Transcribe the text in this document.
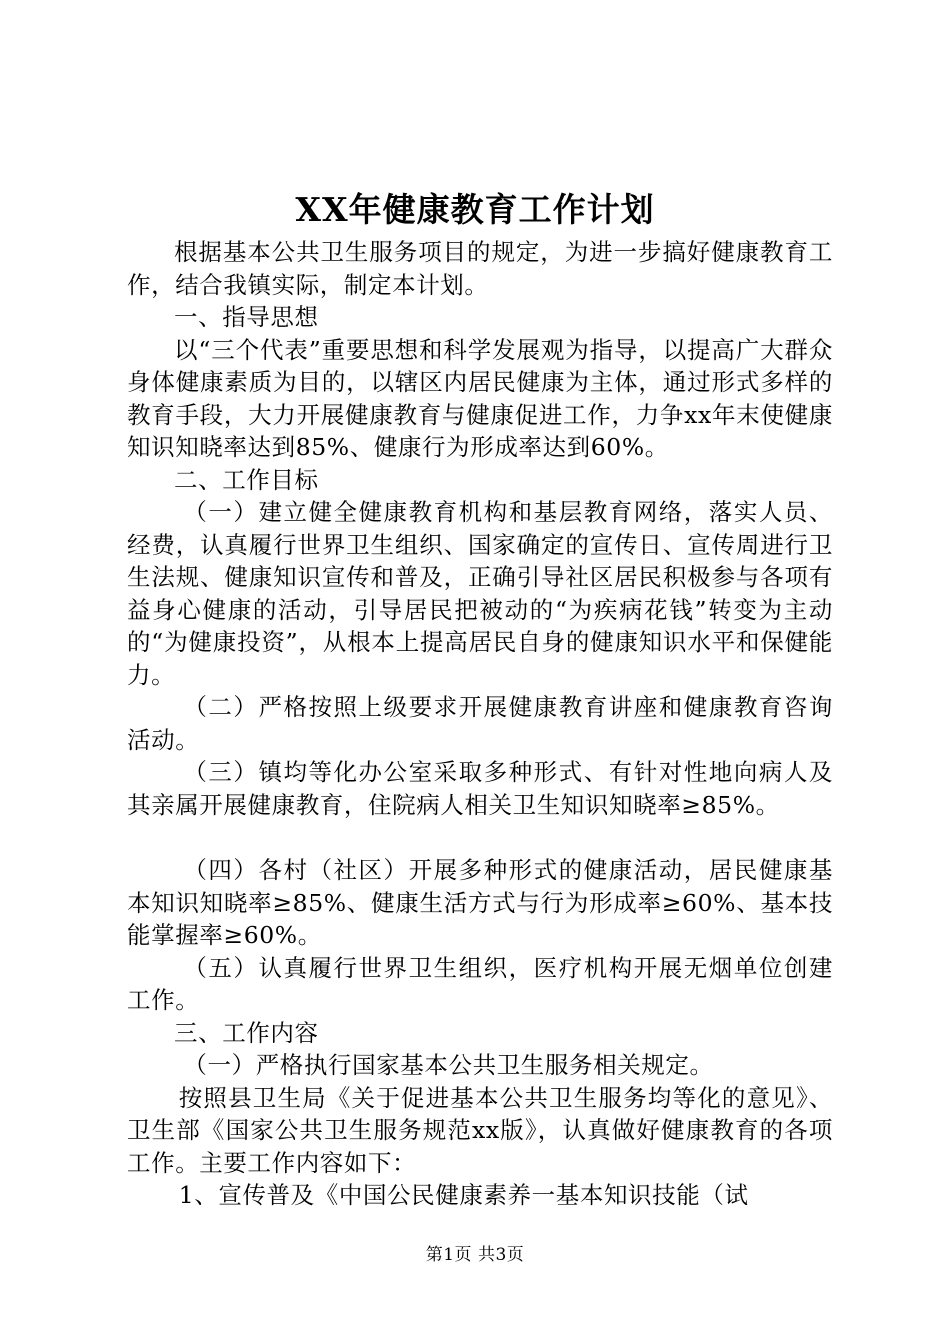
XX年健康教育工作计划

根据基本公共卫生服务项目的规定，为进一步搞好健康教育工作，结合我镇实际，制定本计划。

一、指导思想

以“三个代表”重要思想和科学发展观为指导，以提高广大群众身体健康素质为目的，以辖区内居民健康为主体，通过形式多样的教育手段，大力开展健康教育与健康促进工作，力争xx年末使健康知识知晓率达到85%、健康行为形成率达到60%。

二、工作目标

（一）建立健全健康教育机构和基层教育网络，落实人员、经费，认真履行世界卫生组织、国家确定的宣传日、宣传周进行卫生法规、健康知识宣传和普及，正确引导社区居民积极参与各项有益身心健康的活动，引导居民把被动的“为疾病花钱”转变为主动的“为健康投资”，从根本上提高居民自身的健康知识水平和保健能力。

（二）严格按照上级要求开展健康教育讲座和健康教育咨询活动。

（三）镇均等化办公室采取多种形式、有针对性地向病人及其亲属开展健康教育，住院病人相关卫生知识知晓率≥85%。

（四）各村（社区）开展多种形式的健康活动，居民健康基本知识知晓率≥85%、健康生活方式与行为形成率≥60%、基本技能掌握率≥60%。

（五）认真履行世界卫生组织，医疗机构开展无烟单位创建工作。

三、工作内容

（一）严格执行国家基本公共卫生服务相关规定。

按照县卫生局《关于促进基本公共卫生服务均等化的意见》、卫生部《国家公共卫生服务规范xx版》，认真做好健康教育的各项工作。主要工作内容如下：

1、宣传普及《中国公民健康素养一基本知识技能（试

第1页 共3页
